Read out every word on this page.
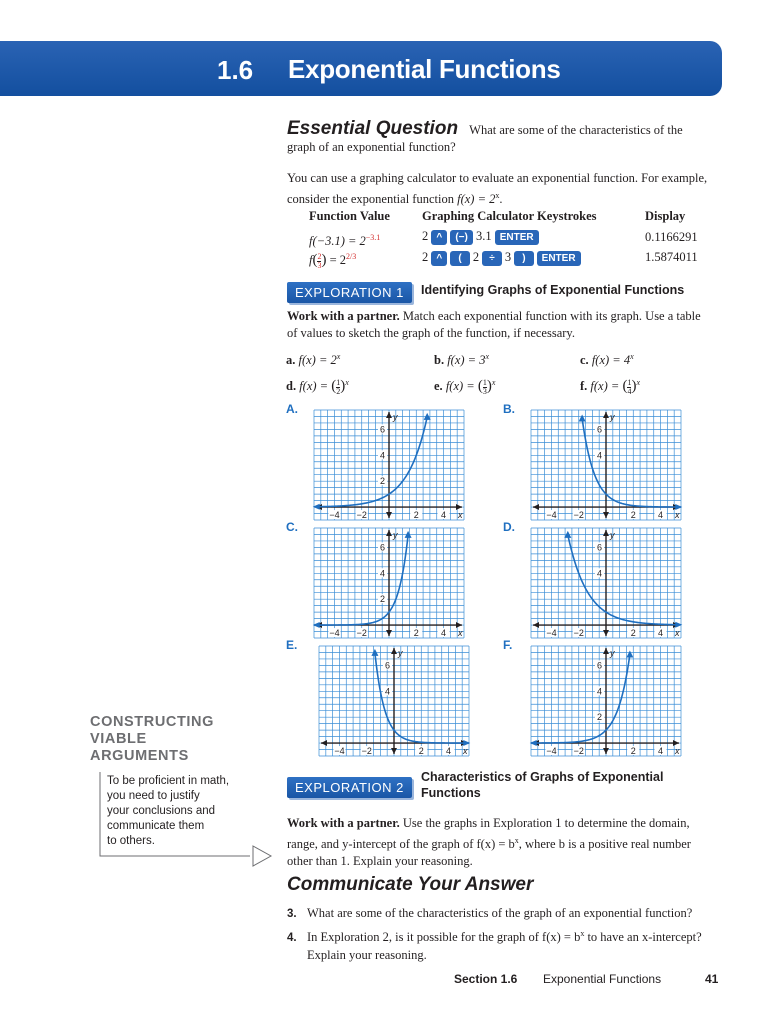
1.6 Exponential Functions
Essential Question What are some of the characteristics of the
graph of an exponential function?
You can use a graphing calculator to evaluate an exponential function. For example,
consider the exponential function $f(x) = 2^x$.
Function Value	Graphing Calculator Keystrokes	Display
$f(-3.1) = 2^{-3.1}$	2 ^ (−) 3.1 ENTER	0.1166291
$f( \frac{2}{3}$ ) = $2^{2/3}$	2 ^ ( 2 ÷ 3 ) ENTER	1.5874011
EXPLORATION 1	Identifying Graphs of Exponential Functions
Work with a partner. Match each exponential function with its graph. Use a table
of values to sketch the graph of the function, if necessary.
a. $f(x) = 2^x$	b. $f(x) = 3^x$	c. $f(x) = 4^x$
d. f(x) = ( $\frac{1}{2} )^x$	e. f(x) = ( $\frac{1}{3} )^x$	f. f(x) = ( $\frac{1}{4} )^x$
A.
−4 −2	2 4 x
6
4
2
y
B.
−4 −2	2 4 x
6
4
y
C.
−4 −2	2 4 x
6
4
2
y
D.
−4 −2	2 4 x
6
4
y
E.
−4 −2	2 4 x
6
4
y
F.
−4 −2	2 4 x
6
4
2
y
CONSTRUCTING
VIABLE
ARGUMENTS
To be proficient in math,
you need to justify
your conclusions and
communicate them
to others.
EXPLORATION 2
Characteristics of Graphs of Exponential
Functions
Work with a partner. Use the graphs in Exploration 1 to determine the domain,
range, and y-intercept of the graph of $f(x) = b^x$, where b is a positive real number
other than 1. Explain your reasoning.
Communicate Your Answer
3. What are some of the characteristics of the graph of an exponential function?
4. In Exploration 2, is it possible for the graph of $f(x) = b^x$ to have an x-intercept?
Explain your reasoning.
Section 1.6 Exponential Functions	41
